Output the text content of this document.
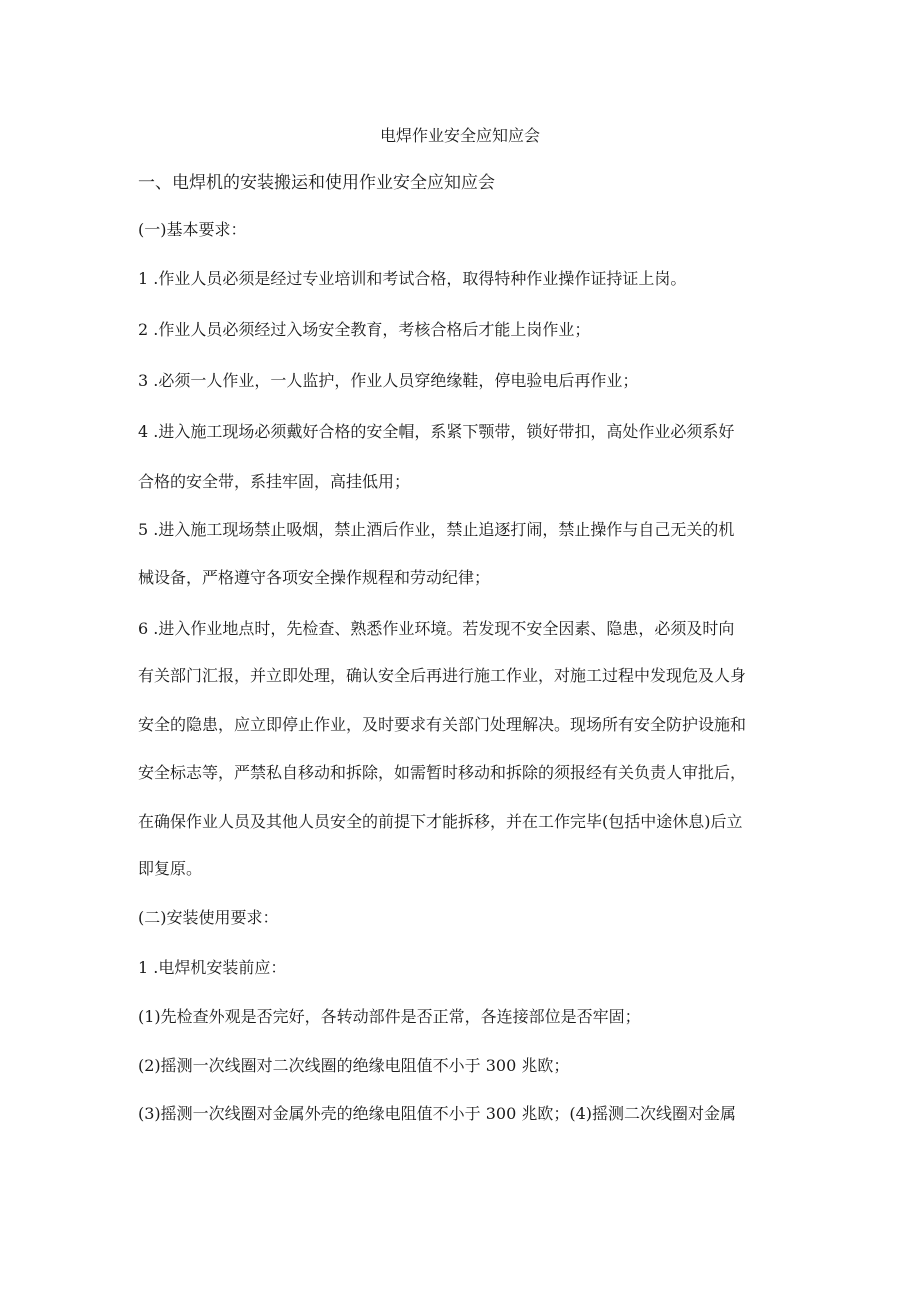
电焊作业安全应知应会
一、电焊机的安装搬运和使用作业安全应知应会
(一)基本要求：
1 .作业人员必须是经过专业培训和考试合格，取得特种作业操作证持证上岗。
2 .作业人员必须经过入场安全教育，考核合格后才能上岗作业；
3 .必须一人作业，一人监护，作业人员穿绝缘鞋，停电验电后再作业；
4 .进入施工现场必须戴好合格的安全帽，系紧下颚带，锁好带扣，高处作业必须系好
合格的安全带，系挂牢固，高挂低用；
5 .进入施工现场禁止吸烟，禁止酒后作业，禁止追逐打闹，禁止操作与自己无关的机
械设备，严格遵守各项安全操作规程和劳动纪律；
6 .进入作业地点时，先检查、熟悉作业环境。若发现不安全因素、隐患，必须及时向
有关部门汇报，并立即处理，确认安全后再进行施工作业，对施工过程中发现危及人身
安全的隐患，应立即停止作业，及时要求有关部门处理解决。现场所有安全防护设施和
安全标志等，严禁私自移动和拆除，如需暂时移动和拆除的须报经有关负责人审批后，
在确保作业人员及其他人员安全的前提下才能拆移，并在工作完毕(包括中途休息)后立
即复原。
(二)安装使用要求：
1 .电焊机安装前应：
(1)先检查外观是否完好，各转动部件是否正常，各连接部位是否牢固；
(2)摇测一次线圈对二次线圈的绝缘电阻值不小于 300 兆欧；
(3)摇测一次线圈对金属外壳的绝缘电阻值不小于 300 兆欧；(4)摇测二次线圈对金属
